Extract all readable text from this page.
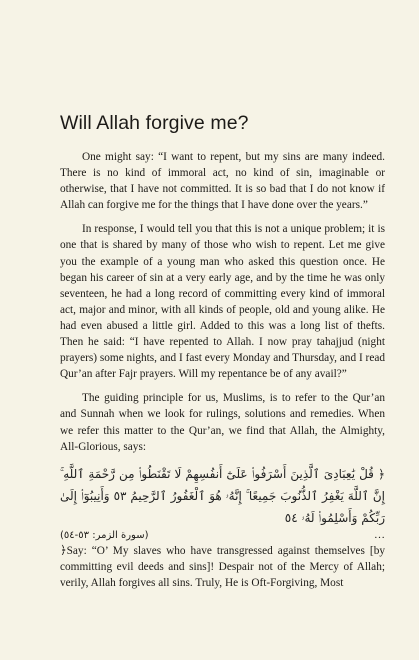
Will Allah forgive me?

One might say: “I want to repent, but my sins are many indeed. There is no kind of immoral act, no kind of sin, imaginable or otherwise, that I have not committed. It is so bad that I do not know if Allah can forgive me for the things that I have done over the years.”

In response, I would tell you that this is not a unique problem; it is one that is shared by many of those who wish to repent. Let me give you the example of a young man who asked this question once. He began his career of sin at a very early age, and by the time he was only seventeen, he had a long record of committing every kind of immoral act, major and minor, with all kinds of people, old and young alike. He had even abused a little girl. Added to this was a long list of thefts. Then he said: “I have repented to Allah. I now pray tahajjud (night prayers) some nights, and I fast every Monday and Thursday, and I read Qur’an after Fajr prayers. Will my repentance be of any avail?”

The guiding principle for us, Muslims, is to refer to the Qur’an and Sunnah when we look for rulings, solutions and remedies. When we refer this matter to the Qur’an, we find that Allah, the Almighty, All-Glorious, says:

﴿ قُلْ يَٰعِبَادِىَ ٱلَّذِينَ أَسْرَفُوا۟ عَلَىٰٓ أَنفُسِهِمْ لَا تَقْنَطُوا۟ مِن رَّحْمَةِ ٱللَّهِ ۚ إِنَّ ٱللَّهَ يَغْفِرُ ٱلذُّنُوبَ جَمِيعًا ۚ إِنَّهُۥ هُوَ ٱلْغَفُورُ ٱلرَّحِيمُ ٥٣ وَأَنِيبُوٓا۟ إِلَىٰ رَبِّكُمْ وَأَسْلِمُوا۟ لَهُۥ ٥٤
(سورة الزمر: ٥٣-٥٤)	…

﴿Say: “O’ My slaves who have transgressed against themselves [by committing evil deeds and sins]! Despair not of the Mercy of Allah; verily, Allah forgives all sins. Truly, He is Oft-Forgiving, Most
